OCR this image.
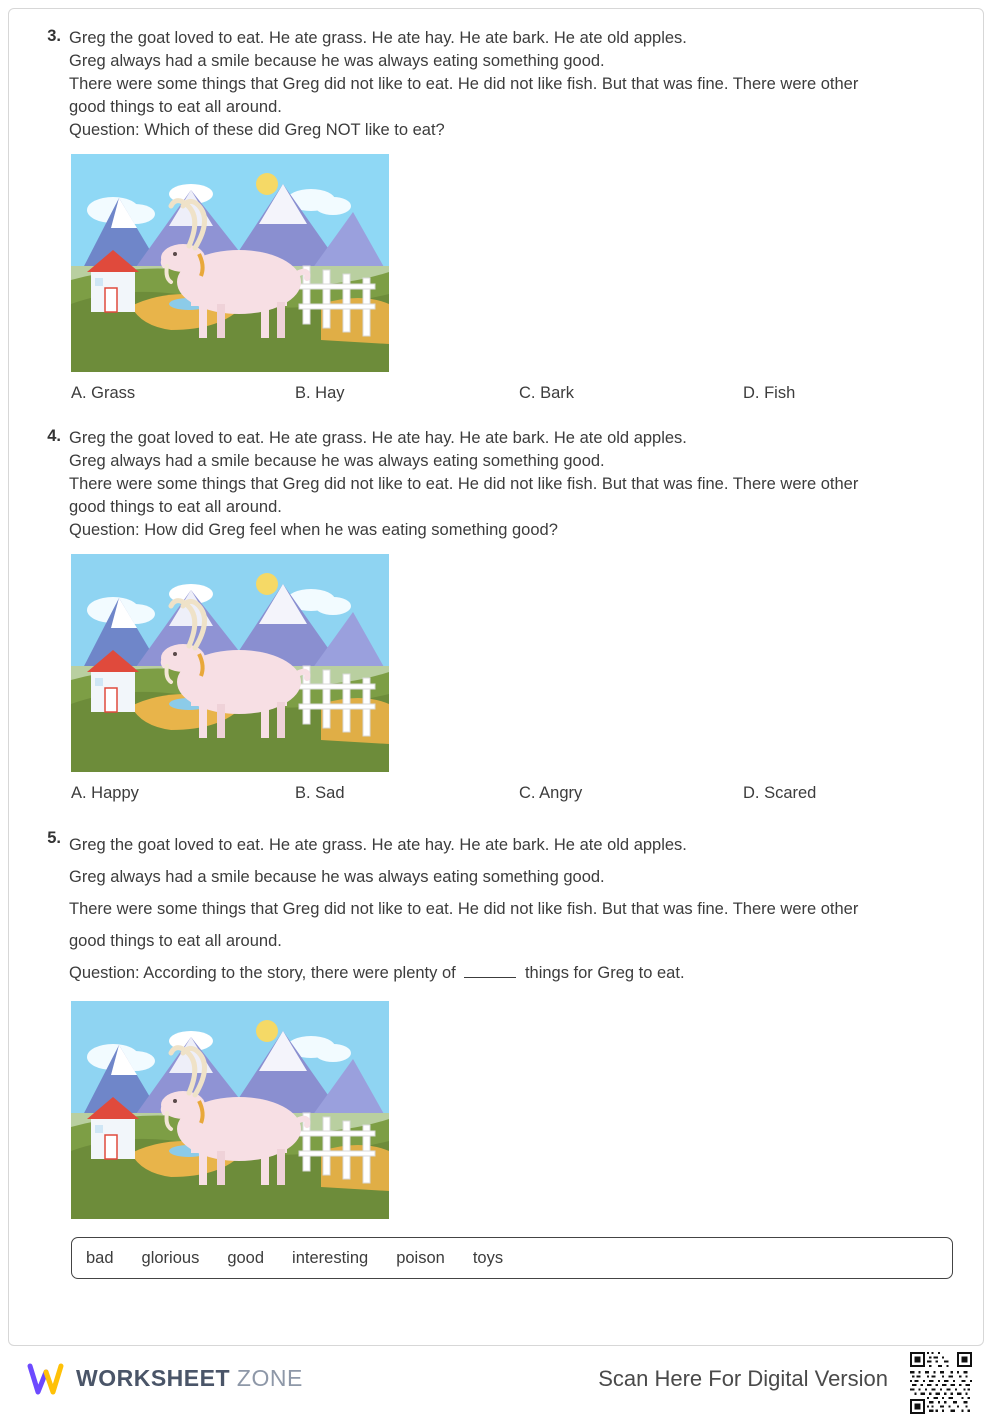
3. Greg the goat loved to eat. He ate grass. He ate hay. He ate bark. He ate old apples.
Greg always had a smile because he was always eating something good.
There were some things that Greg did not like to eat. He did not like fish. But that was fine. There were other
good things to eat all around.
Question: Which of these did Greg NOT like to eat?
A. Grass	B. Hay	C. Bark	D. Fish
4. Greg the goat loved to eat. He ate grass. He ate hay. He ate bark. He ate old apples.
Greg always had a smile because he was always eating something good.
There were some things that Greg did not like to eat. He did not like fish. But that was fine. There were other
good things to eat all around.
Question: How did Greg feel when he was eating something good?
A. Happy	B. Sad	C. Angry	D. Scared
5. Greg the goat loved to eat. He ate grass. He ate hay. He ate bark. He ate old apples.
Greg always had a smile because he was always eating something good.
There were some things that Greg did not like to eat. He did not like fish. But that was fine. There were other
good things to eat all around.
Question: According to the story, there were plenty of	things for Greg to eat.
bad glorious good interesting poison toys
WORKSHEET ZONE	Scan Here For Digital Version
